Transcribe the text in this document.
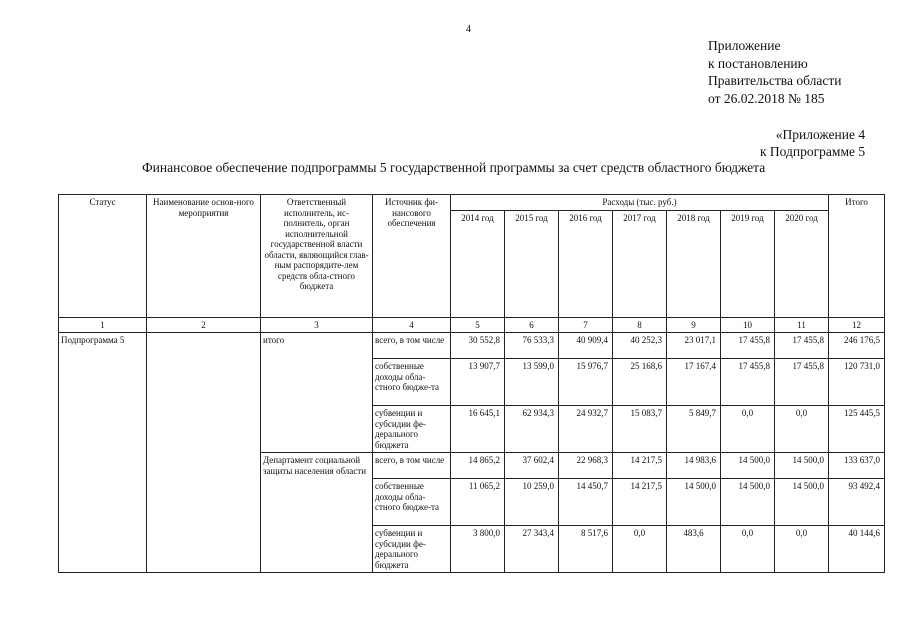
4
Приложение
к постановлению
Правительства области
от 26.02.2018 № 185
«Приложение 4
к Подпрограмме 5
Финансовое обеспечение подпрограммы 5 государственной программы за счет средств областного бюджета
Статус	Наименование основ-ного мероприятия	Ответственный исполнитель, ис-полнитель, орган исполнительной государственной власти области, являющийся глав-ным распорядите-лем средств обла-стного бюджета	Источник фи-нансового обеспечения	Расходы (тыс. руб.)							Итого
				2014 год	2015 год	2016 год	2017 год	2018 год	2019 год	2020 год	
1	2	3	4	5	6	7	8	9	10	11	12
Подпрограмма 5		итого	всего, в том числе	30 552,8	76 533,3	40 909,4	40 252,3	23 017,1	17 455,8	17 455,8	246 176,5
			собственные доходы обла-стного бюдже-та	13 907,7	13 599,0	15 976,7	25 168,6	17 167,4	17 455,8	17 455,8	120 731,0
			субвенции и субсидии фе-дерального бюджета	16 645,1	62 934,3	24 932,7	15 083,7	5 849,7	0,0	0,0	125 445,5
		Департамент социальной защиты населения области	всего, в том числе	14 865,2	37 602,4	22 968,3	14 217,5	14 983,6	14 500,0	14 500,0	133 637,0
			собственные доходы обла-стного бюдже-та	11 065,2	10 259,0	14 450,7	14 217,5	14 500,0	14 500,0	14 500,0	93 492,4
			субвенции и субсидии фе-дерального бюджета	3 800,0	27 343,4	8 517,6	0,0	483,6	0,0	0,0	40 144,6
